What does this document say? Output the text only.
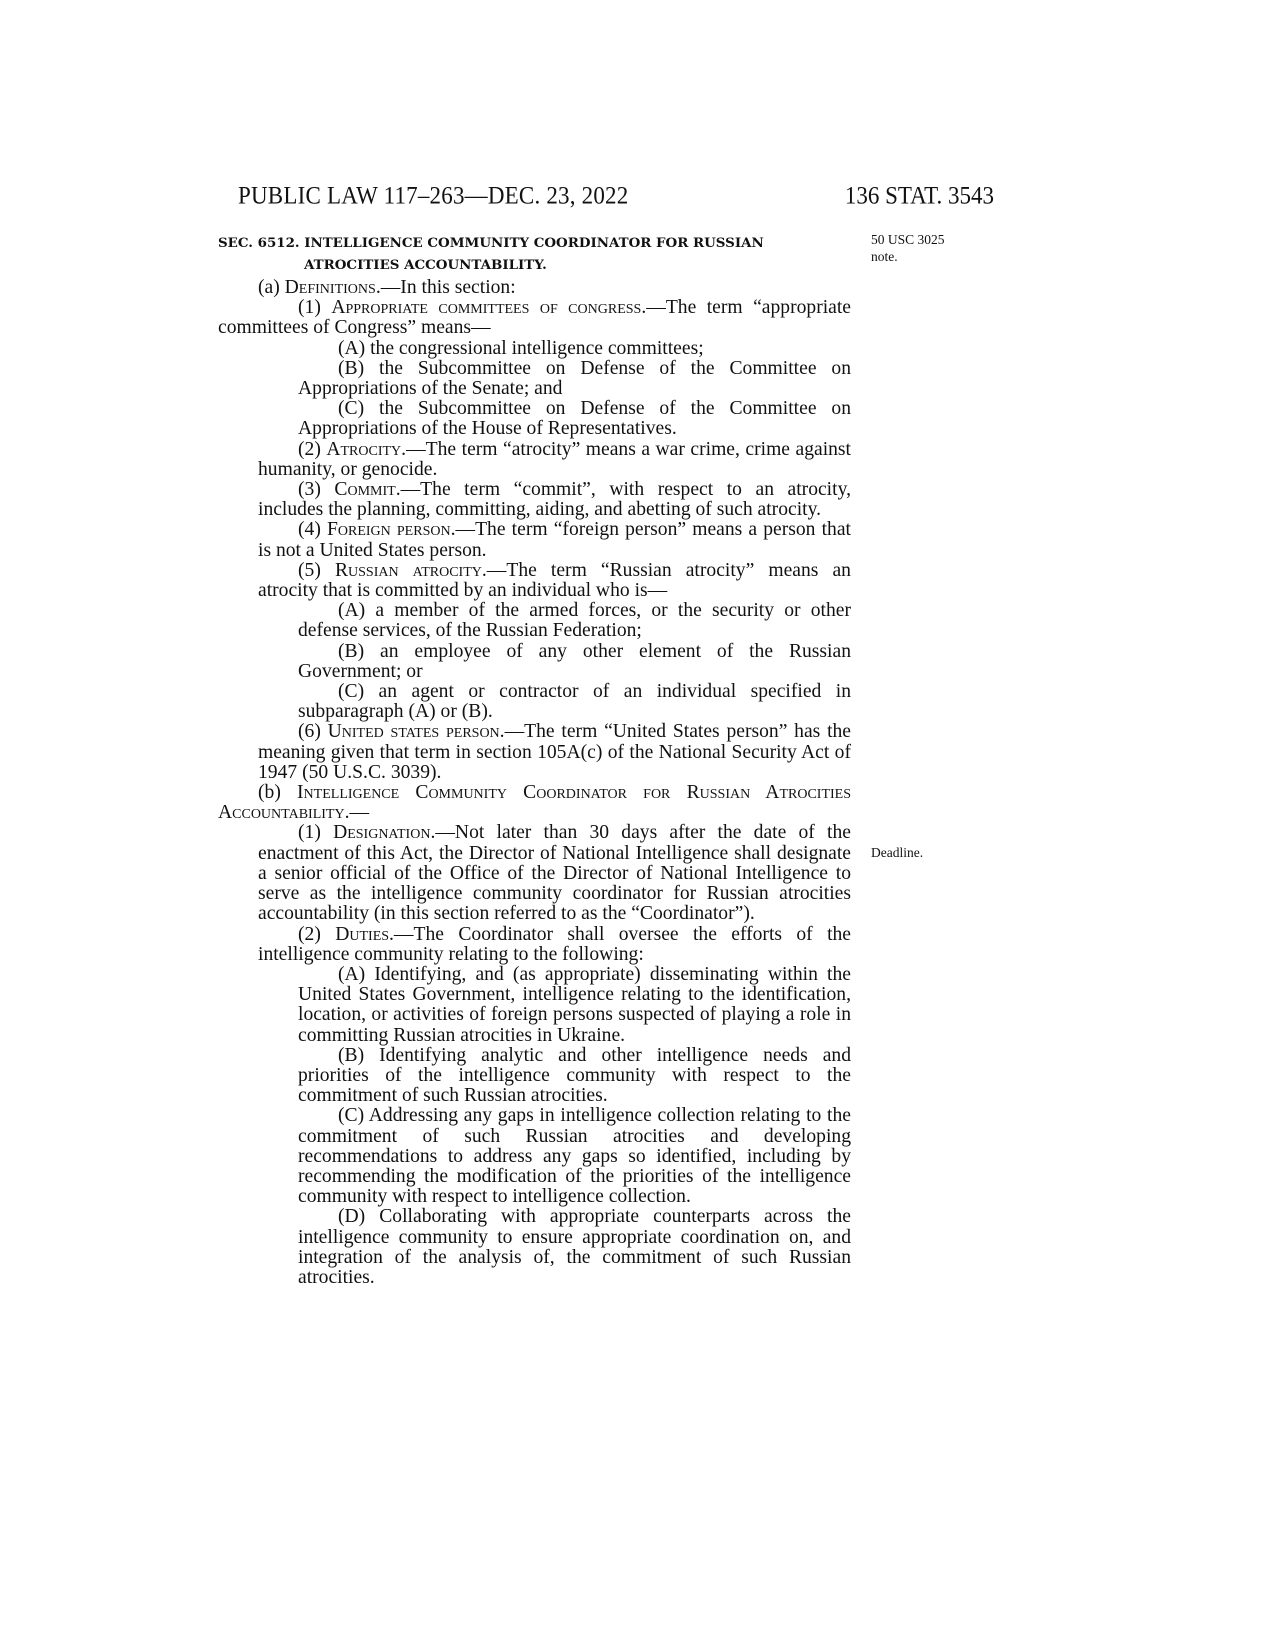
PUBLIC LAW 117–263—DEC. 23, 2022	136 STAT. 3543
SEC. 6512. INTELLIGENCE COMMUNITY COORDINATOR FOR RUSSIAN
ATROCITIES ACCOUNTABILITY.
50 USC 3025
note.
Deadline.

(a) Definitions.—In this section:

(1) Appropriate committees of congress.—The term “appropriate committees of Congress” means—

(A) the congressional intelligence committees;

(B) the Subcommittee on Defense of the Committee on Appropriations of the Senate; and

(C) the Subcommittee on Defense of the Committee on Appropriations of the House of Representatives.

(2) Atrocity.—The term “atrocity” means a war crime, crime against humanity, or genocide.

(3) Commit.—The term “commit”, with respect to an atrocity, includes the planning, committing, aiding, and abetting of such atrocity.

(4) Foreign person.—The term “foreign person” means a person that is not a United States person.

(5) Russian atrocity.—The term “Russian atrocity” means an atrocity that is committed by an individual who is—

(A) a member of the armed forces, or the security or other defense services, of the Russian Federation;

(B) an employee of any other element of the Russian Government; or

(C) an agent or contractor of an individual specified in subparagraph (A) or (B).

(6) United states person.—The term “United States person” has the meaning given that term in section 105A(c) of the National Security Act of 1947 (50 U.S.C. 3039).

(b) Intelligence Community Coordinator for Russian Atrocities Accountability.—

(1) Designation.—Not later than 30 days after the date of the enactment of this Act, the Director of National Intelligence shall designate a senior official of the Office of the Director of National Intelligence to serve as the intelligence community coordinator for Russian atrocities accountability (in this section referred to as the “Coordinator”).

(2) Duties.—The Coordinator shall oversee the efforts of the intelligence community relating to the following:

(A) Identifying, and (as appropriate) disseminating within the United States Government, intelligence relating to the identification, location, or activities of foreign persons suspected of playing a role in committing Russian atrocities in Ukraine.

(B) Identifying analytic and other intelligence needs and priorities of the intelligence community with respect to the commitment of such Russian atrocities.

(C) Addressing any gaps in intelligence collection relating to the commitment of such Russian atrocities and developing recommendations to address any gaps so identified, including by recommending the modification of the priorities of the intelligence community with respect to intelligence collection.

(D) Collaborating with appropriate counterparts across the intelligence community to ensure appropriate coordination on, and integration of the analysis of, the commitment of such Russian atrocities.
